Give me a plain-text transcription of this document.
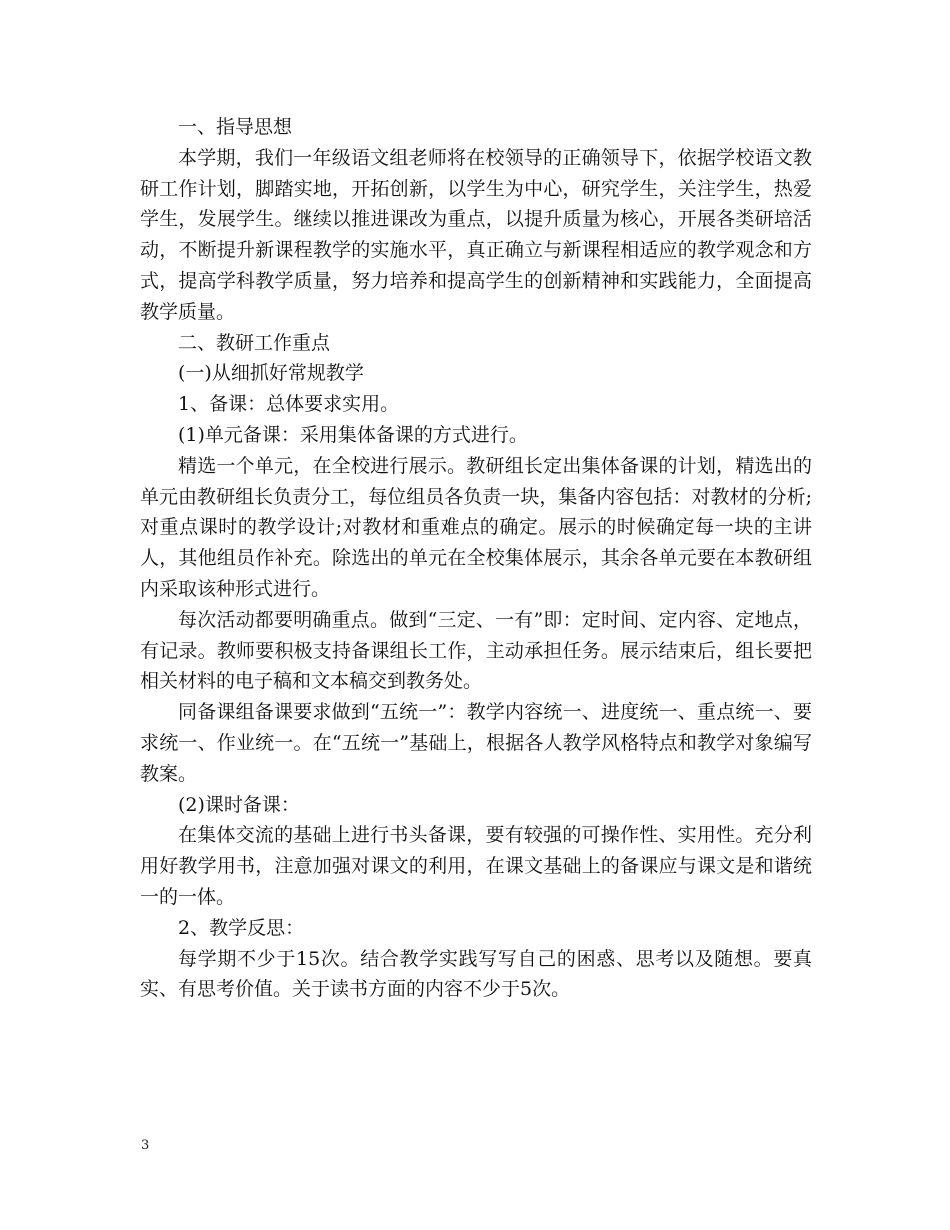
一、指导思想

本学期，我们一年级语文组老师将在校领导的正确领导下，依据学校语文教研工作计划，脚踏实地，开拓创新，以学生为中心，研究学生，关注学生，热爱学生，发展学生。继续以推进课改为重点，以提升质量为核心，开展各类研培活动，不断提升新课程教学的实施水平，真正确立与新课程相适应的教学观念和方式，提高学科教学质量，努力培养和提高学生的创新精神和实践能力，全面提高教学质量。

二、教研工作重点

(一)从细抓好常规教学

1、备课：总体要求实用。

(1)单元备课：采用集体备课的方式进行。

精选一个单元，在全校进行展示。教研组长定出集体备课的计划，精选出的单元由教研组长负责分工，每位组员各负责一块，集备内容包括：对教材的分析;对重点课时的教学设计;对教材和重难点的确定。展示的时候确定每一块的主讲人，其他组员作补充。除选出的单元在全校集体展示，其余各单元要在本教研组内采取该种形式进行。

每次活动都要明确重点。做到“三定、一有”即：定时间、定内容、定地点，有记录。教师要积极支持备课组长工作，主动承担任务。展示结束后，组长要把相关材料的电子稿和文本稿交到教务处。

同备课组备课要求做到“五统一”：教学内容统一、进度统一、重点统一、要求统一、作业统一。在“五统一”基础上，根据各人教学风格特点和教学对象编写教案。

(2)课时备课：

在集体交流的基础上进行书头备课，要有较强的可操作性、实用性。充分利用好教学用书，注意加强对课文的利用，在课文基础上的备课应与课文是和谐统一的一体。

2、教学反思：

每学期不少于15次。结合教学实践写写自己的困惑、思考以及随想。要真实、有思考价值。关于读书方面的内容不少于5次。

3
